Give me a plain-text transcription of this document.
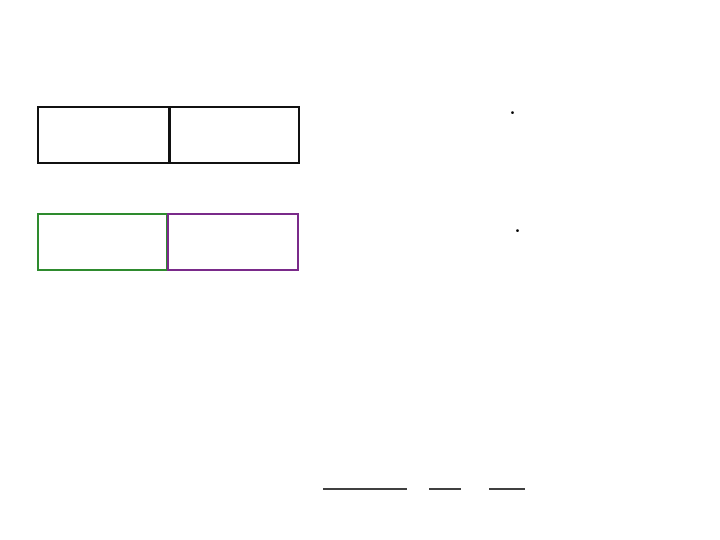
.
.
